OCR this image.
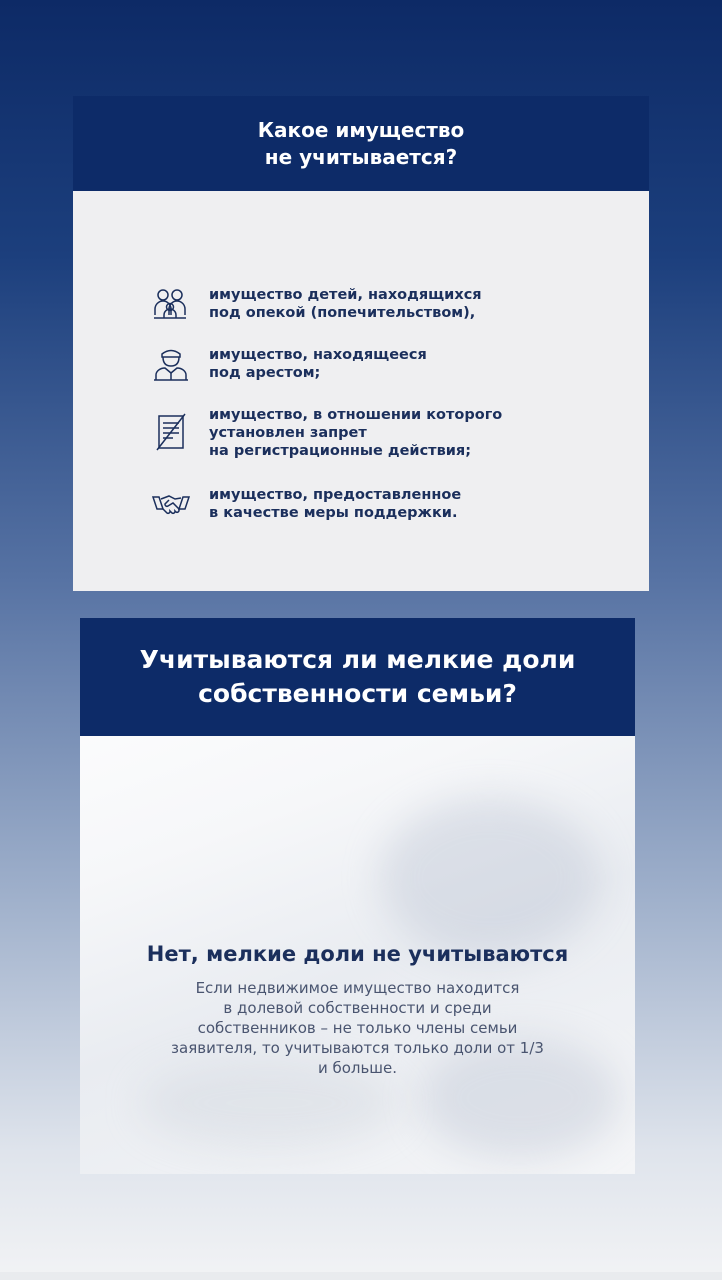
Какое имущество
не учитывается?
имущество детей, находящихся
под опекой (попечительством),
имущество, находящееся
под арестом;
имущество, в отношении которого
установлен запрет
на регистрационные действия;
имущество, предоставленное
в качестве меры поддержки.
Учитываются ли мелкие доли собственности семьи?
Нет, мелкие доли не учитываются
Если недвижимое имущество находится
в долевой собственности и среди
собственников – не только члены семьи
заявителя, то учитываются только доли от 1/3
и больше.
